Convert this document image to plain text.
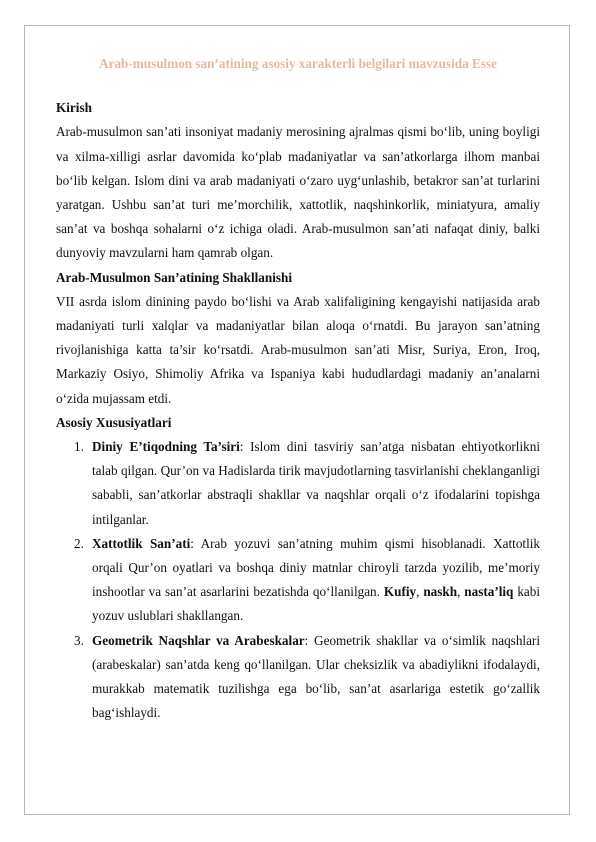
Arab-musulmon san’atining asosiy xarakterli belgilari mavzusida Esse

Kirish

Arab-musulmon san’ati insoniyat madaniy merosining ajralmas qismi bo‘lib, uning boyligi va xilma-xilligi asrlar davomida ko‘plab madaniyatlar va san’atkorlarga ilhom manbai bo‘lib kelgan. Islom dini va arab madaniyati o‘zaro uyg‘unlashib, betakror san’at turlarini yaratgan. Ushbu san’at turi me’morchilik, xattotlik, naqshinkorlik, miniatyura, amaliy san’at va boshqa sohalarni o‘z ichiga oladi. Arab-musulmon san’ati nafaqat diniy, balki dunyoviy mavzularni ham qamrab olgan.

Arab-Musulmon San’atining Shakllanishi

VII asrda islom dinining paydo bo‘lishi va Arab xalifaligining kengayishi natijasida arab madaniyati turli xalqlar va madaniyatlar bilan aloqa o‘rnatdi. Bu jarayon san’atning rivojlanishiga katta ta’sir ko‘rsatdi. Arab-musulmon san’ati Misr, Suriya, Eron, Iroq, Markaziy Osiyo, Shimoliy Afrika va Ispaniya kabi hududlardagi madaniy an’analarni o‘zida mujassam etdi.

Asosiy Xususiyatlari

1. Diniy E’tiqodning Ta’siri: Islom dini tasviriy san’atga nisbatan ehtiyotkorlikni talab qilgan. Qur’on va Hadislarda tirik mavjudotlarning tasvirlanishi cheklanganligi sababli, san’atkorlar abstraqli shakllar va naqshlar orqali o‘z ifodalarini topishga intilganlar.
2. Xattotlik San’ati: Arab yozuvi san’atning muhim qismi hisoblanadi. Xattotlik orqali Qur’on oyatlari va boshqa diniy matnlar chiroyli tarzda yozilib, me’moriy inshootlar va san’at asarlarini bezatishda qo‘llanilgan. Kufiy, naskh, nasta’liq kabi yozuv uslublari shakllangan.
3. Geometrik Naqshlar va Arabeskalar: Geometrik shakllar va o‘simlik naqshlari (arabeskalar) san’atda keng qo‘llanilgan. Ular cheksizlik va abadiylikni ifodalaydi, murakkab matematik tuzilishga ega bo‘lib, san’at asarlariga estetik go‘zallik bag‘ishlaydi.
